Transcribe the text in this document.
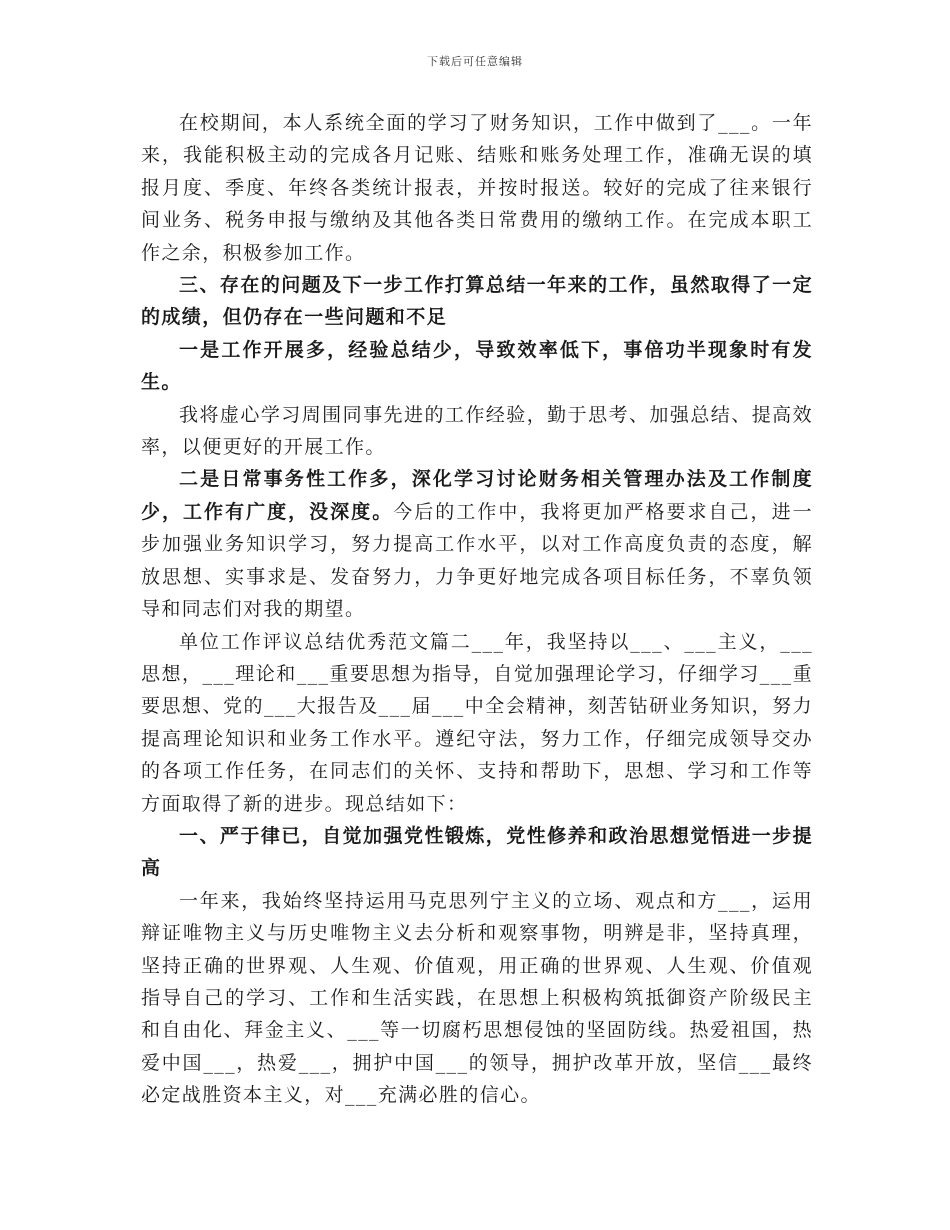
下载后可任意编辑

在校期间，本人系统全面的学习了财务知识，工作中做到了___。一年来，我能积极主动的完成各月记账、结账和账务处理工作，准确无误的填报月度、季度、年终各类统计报表，并按时报送。较好的完成了往来银行间业务、税务申报与缴纳及其他各类日常费用的缴纳工作。在完成本职工作之余，积极参加工作。

三、存在的问题及下一步工作打算总结一年来的工作，虽然取得了一定的成绩，但仍存在一些问题和不足

一是工作开展多，经验总结少，导致效率低下，事倍功半现象时有发生。

我将虚心学习周围同事先进的工作经验，勤于思考、加强总结、提高效率，以便更好的开展工作。

二是日常事务性工作多，深化学习讨论财务相关管理办法及工作制度少，工作有广度，没深度。今后的工作中，我将更加严格要求自己，进一步加强业务知识学习，努力提高工作水平，以对工作高度负责的态度，解放思想、实事求是、发奋努力，力争更好地完成各项目标任务，不辜负领导和同志们对我的期望。

单位工作评议总结优秀范文篇二___年，我坚持以___、___主义，___思想，___理论和___重要思想为指导，自觉加强理论学习，仔细学习___重要思想、党的___大报告及___届___中全会精神，刻苦钻研业务知识，努力提高理论知识和业务工作水平。遵纪守法，努力工作，仔细完成领导交办的各项工作任务，在同志们的关怀、支持和帮助下，思想、学习和工作等方面取得了新的进步。现总结如下：

一、严于律已，自觉加强党性锻炼，党性修养和政治思想觉悟进一步提高

一年来，我始终坚持运用马克思列宁主义的立场、观点和方___，运用辩证唯物主义与历史唯物主义去分析和观察事物，明辨是非，坚持真理，坚持正确的世界观、人生观、价值观，用正确的世界观、人生观、价值观指导自己的学习、工作和生活实践，在思想上积极构筑抵御资产阶级民主和自由化、拜金主义、___等一切腐朽思想侵蚀的坚固防线。热爱祖国，热爱中国___，热爱___，拥护中国___的领导，拥护改革开放，坚信___最终必定战胜资本主义，对___充满必胜的信心。
